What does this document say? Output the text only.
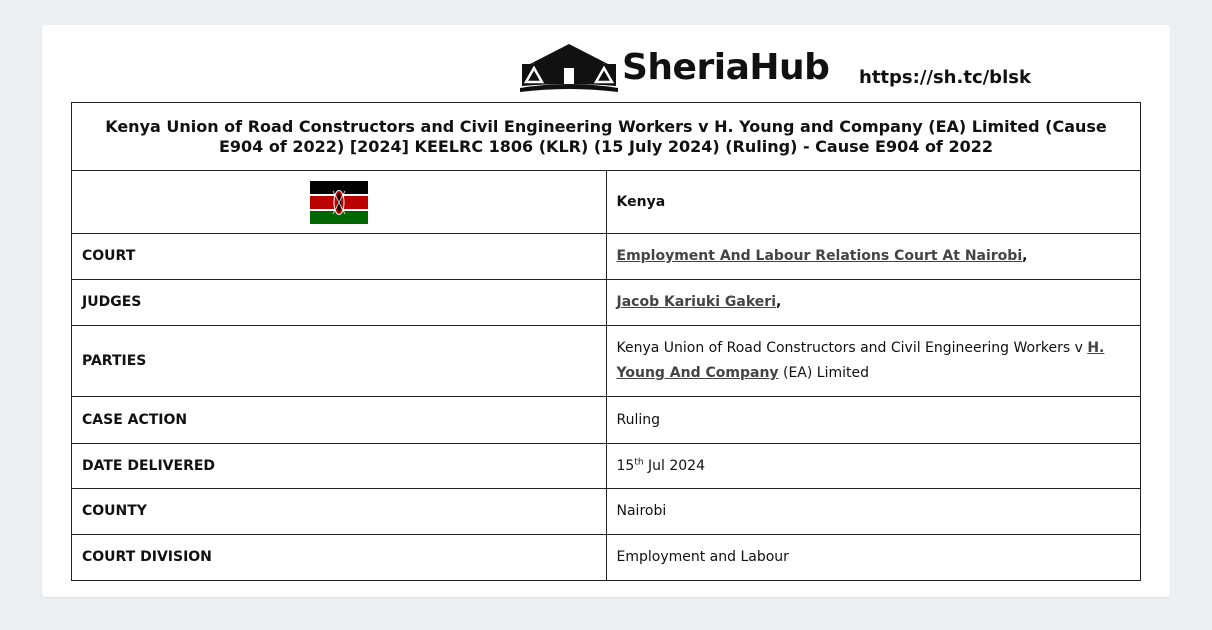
SheriaHub https://sh.tc/blsk
Kenya Union of Road Constructors and Civil Engineering Workers v H. Young and Company (EA) Limited (Cause E904 of 2022) [2024] KEELRC 1806 (KLR) (15 July 2024) (Ruling) - Cause E904 of 2022	
	Kenya
COURT	Employment And Labour Relations Court At Nairobi,
JUDGES	Jacob Kariuki Gakeri,
PARTIES	Kenya Union of Road Constructors and Civil Engineering Workers v H. Young And Company (EA) Limited
CASE ACTION	Ruling
DATE DELIVERED	15th Jul 2024
COUNTY	Nairobi
COURT DIVISION	Employment and Labour
